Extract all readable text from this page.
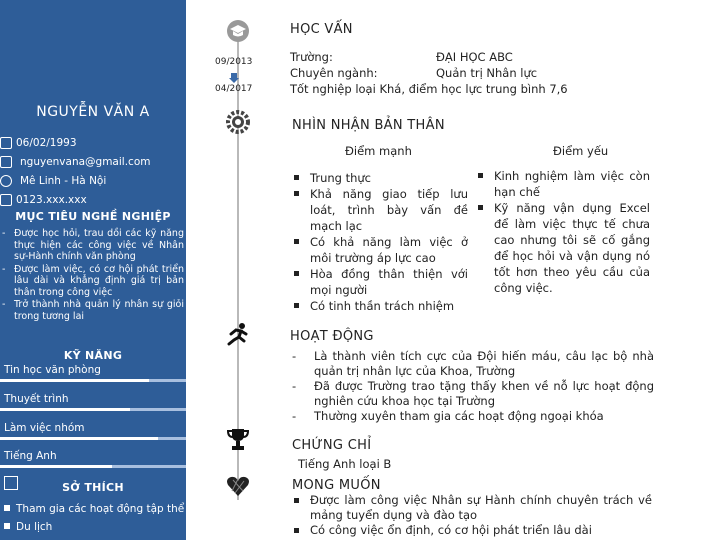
NGUYỄN VĂN A
06/02/1993
nguyenvana@gmail.com
Mê Linh - Hà Nội
0123.xxx.xxx
MỤC TIÊU NGHỀ NGHIỆP
- Được học hỏi, trau dồi các kỹ năng thực hiện các công việc về Nhân sự-Hành chính văn phòng
- Được làm việc, có cơ hội phát triển lâu dài và khẳng định giá trị bản thân trong công việc
- Trở thành nhà quản lý nhân sự giỏi trong tương lai
KỸ NĂNG
Tin học văn phòng
Thuyết trình
Làm việc nhóm
Tiếng Anh
SỞ THÍCH
Tham gia các hoạt động tập thể
Du lịch
HỌC VẤN
09/2013
04/2017
Trường:	ĐẠI HỌC ABC
Chuyên ngành:	Quản trị Nhân lực
Tốt nghiệp loại Khá, điểm học lực trung bình 7,6
NHÌN NHẬN BẢN THÂN
Điểm mạnh	Điểm yếu
Trung thực
Khả năng giao tiếp lưu loát, trình bày vấn đề mạch lạc
Có khả năng làm việc ở môi trường áp lực cao
Hòa đồng thân thiện với mọi người
Có tinh thần trách nhiệm
Kinh nghiệm làm việc còn hạn chế
Kỹ năng vận dụng Excel để làm việc thực tế chưa cao nhưng tôi sẽ cố gắng để học hỏi và vận dụng nó tốt hơn theo yêu cầu của công việc.
HOẠT ĐỘNG
- Là thành viên tích cực của Đội hiến máu, câu lạc bộ nhà quản trị nhân lực của Khoa, Trường
- Đã được Trường trao tặng thấy khen về nỗ lực hoạt động nghiên cứu khoa học tại Trường
- Thường xuyên tham gia các hoạt động ngoại khóa
CHỨNG CHỈ
Tiếng Anh loại B
MONG MUỐN
Được làm công việc Nhân sự Hành chính chuyên trách về mảng tuyển dụng và đào tạo
Có công việc ổn định, có cơ hội phát triển lâu dài
